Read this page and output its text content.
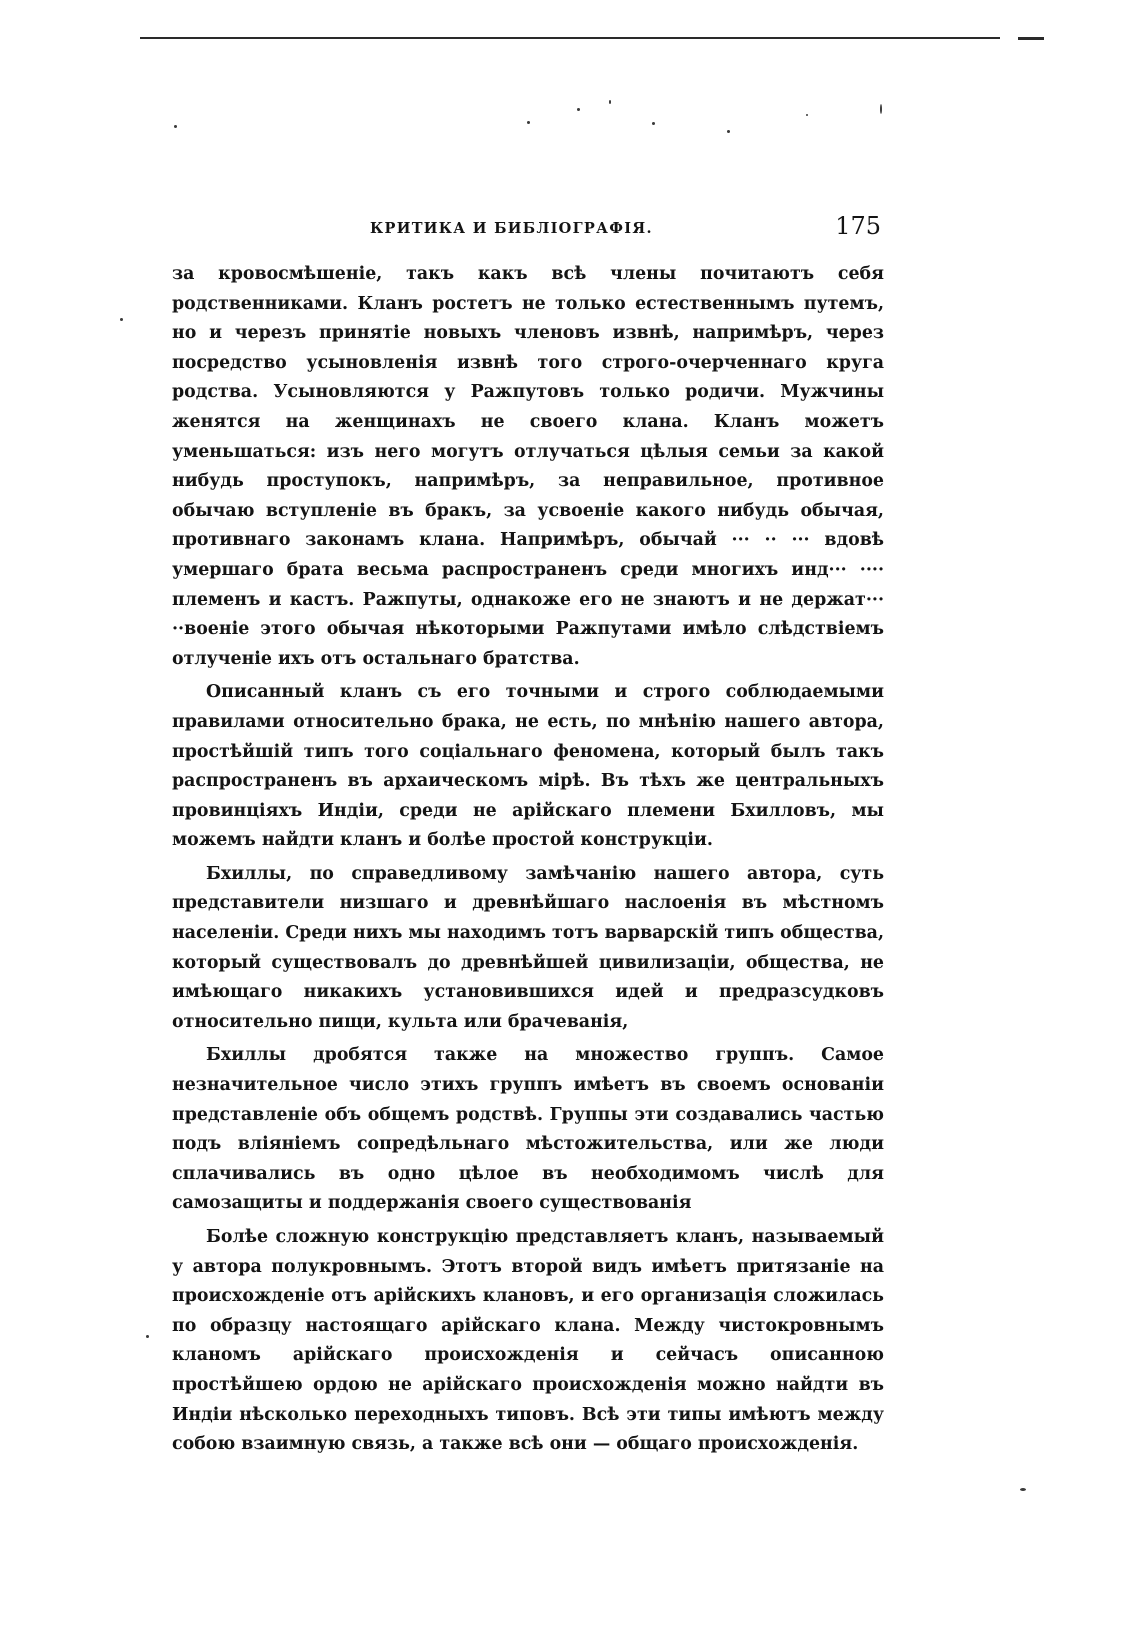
КРИТИКА И БИБЛІОГРАФІЯ.	175

за кровосмѣшеніе, такъ какъ всѣ члены почитаютъ себя родственниками. Кланъ ростетъ не только естественнымъ путемъ, но и черезъ принятіе новыхъ членовъ извнѣ, напримѣръ, через посредство усыновленія извнѣ того строго-очерченнаго круга родства. Усыновляются у Ражпутовъ только родичи. Мужчины женятся на женщинахъ не своего клана. Кланъ можетъ уменьшаться: изъ него могутъ отлучаться цѣлыя семьи за какой нибудь проступокъ, напримѣръ, за неправильное, противное обычаю вступленіе въ бракъ, за усвоеніе какого нибудь обычая, противнаго законамъ клана. Напримѣръ, обычай ··· ·· ··· вдовѣ умершаго брата весьма распространенъ среди многихъ инд··· ···· племенъ и кастъ. Ражпуты, однакоже его не знаютъ и не держат··· ··военіе этого обычая нѣкоторыми Ражпутами имѣло слѣдствіемъ отлученіе ихъ отъ остальнаго братства.

Описанный кланъ съ его точными и строго соблюдаемыми правилами относительно брака, не есть, по мнѣнію нашего автора, простѣйшій типъ того соціальнаго феномена, который былъ такъ распространенъ въ архаическомъ мірѣ. Въ тѣхъ же центральныхъ провинціяхъ Индіи, среди не арійскаго племени Бхилловъ, мы можемъ найдти кланъ и болѣе простой конструкціи.

Бхиллы, по справедливому замѣчанію нашего автора, суть представители низшаго и древнѣйшаго наслоенія въ мѣстномъ населеніи. Среди нихъ мы находимъ тотъ варварскій типъ общества, который существовалъ до древнѣйшей цивилизаціи, общества, не имѣющаго никакихъ установившихся идей и предразсудковъ относительно пищи, культа или брачеванія,

Бхиллы дробятся также на множество группъ. Самое незначительное число этихъ группъ имѣетъ въ своемъ основаніи представленіе объ общемъ родствѣ. Группы эти создавались частью подъ вліяніемъ сопредѣльнаго мѣстожительства, или же люди сплачивались въ одно цѣлое въ необходимомъ числѣ для самозащиты и поддержанія своего существованія

Болѣе сложную конструкцію представляетъ кланъ, называемый у автора полукровнымъ. Этотъ второй видъ имѣетъ притязаніе на происхожденіе отъ арійскихъ клановъ, и его организація сложилась по образцу настоящаго арійскаго клана. Между чистокровнымъ кланомъ арійскаго происхожденія и сейчасъ описанною простѣйшею ордою не арійскаго происхожденія можно найдти въ Индіи нѣсколько переходныхъ типовъ. Всѣ эти типы имѣютъ между собою взаимную связь, а также всѣ они — общаго происхожденія.
